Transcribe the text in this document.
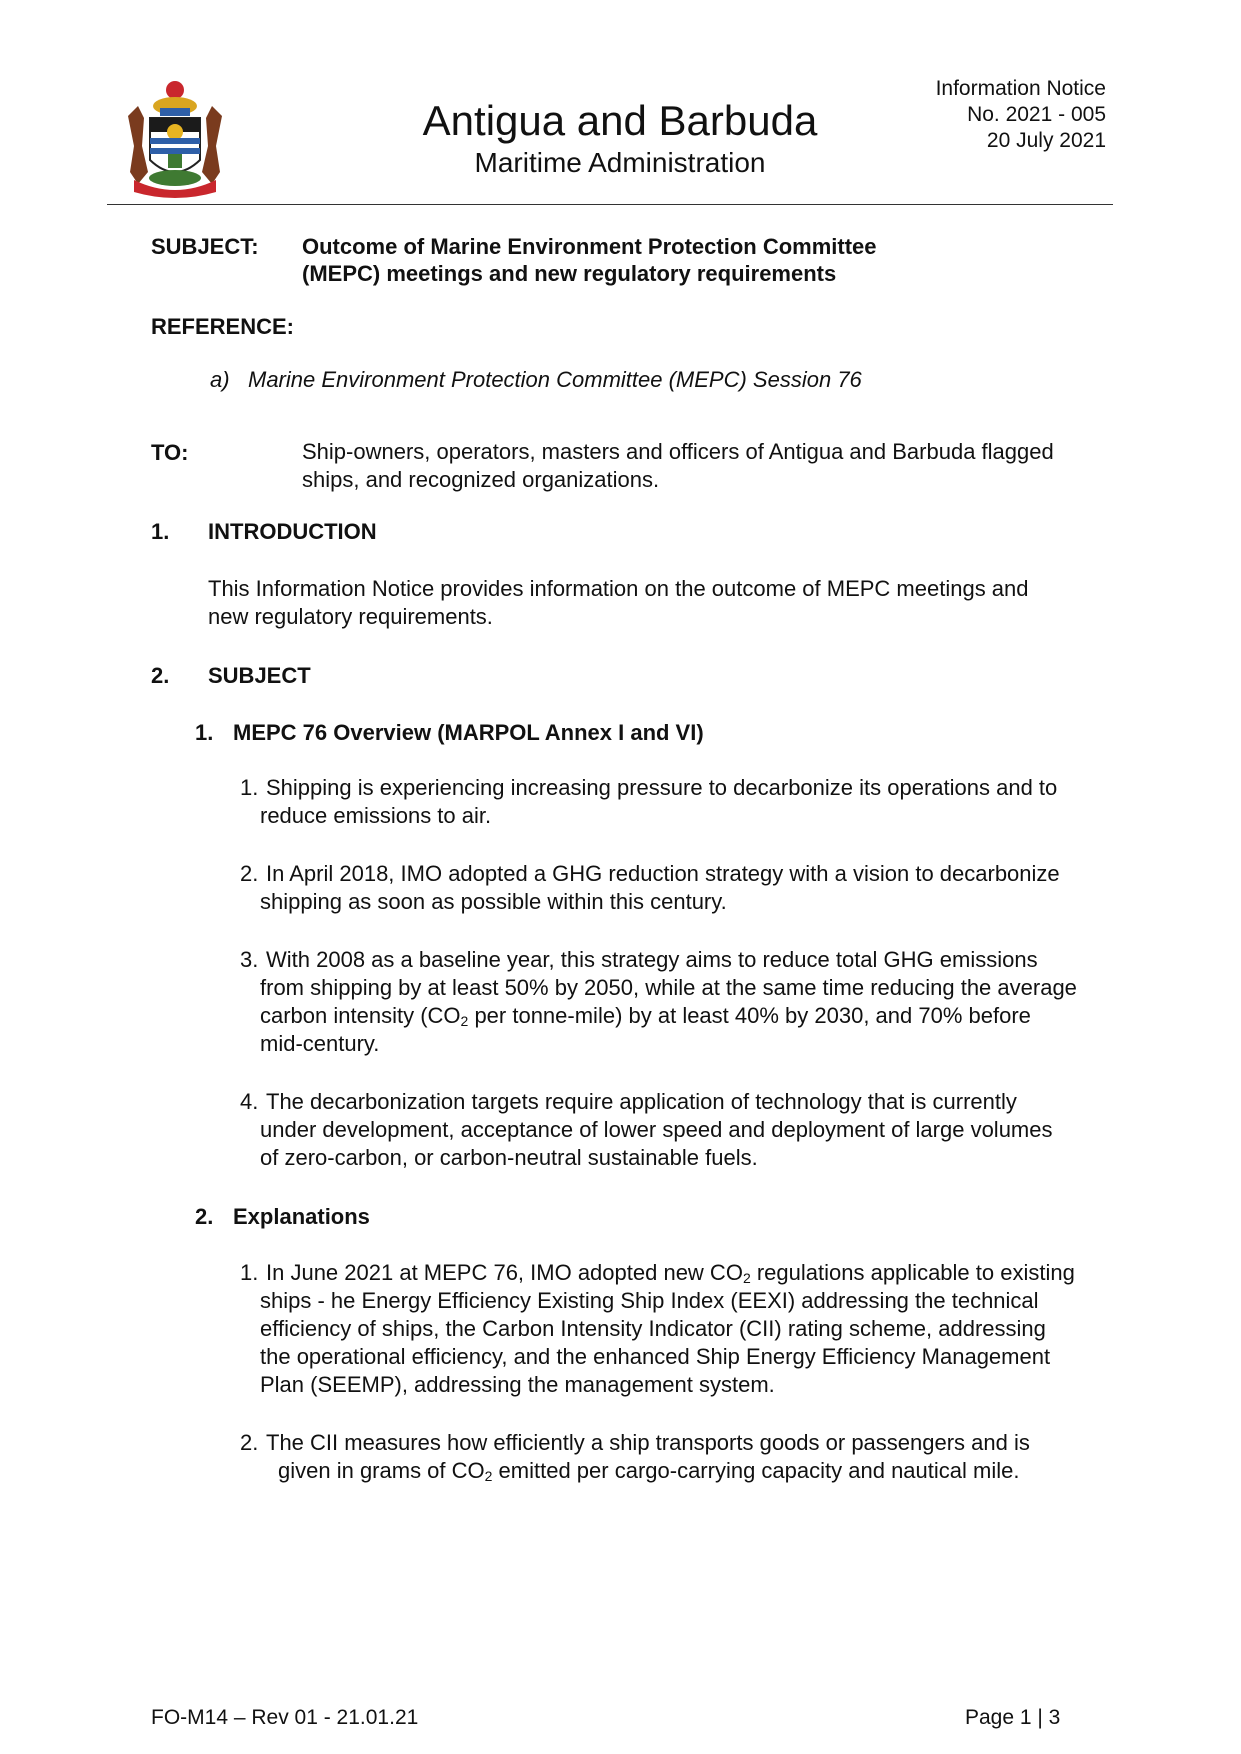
Antigua and Barbuda
Maritime Administration
Information Notice
No. 2021 - 005
20 July 2021
SUBJECT: Outcome of Marine Environment Protection Committee
(MEPC) meetings and new regulatory requirements
REFERENCE:
a) Marine Environment Protection Committee (MEPC) Session 76
TO:	Ship-owners, operators, masters and officers of Antigua and Barbuda flagged
ships, and recognized organizations.
1. INTRODUCTION
This Information Notice provides information on the outcome of MEPC meetings and
new regulatory requirements.
2. SUBJECT
1. MEPC 76 Overview (MARPOL Annex I and VI)
1. Shipping is experiencing increasing pressure to decarbonize its operations and to
reduce emissions to air.
2. In April 2018, IMO adopted a GHG reduction strategy with a vision to decarbonize
shipping as soon as possible within this century.
3. With 2008 as a baseline year, this strategy aims to reduce total GHG emissions
from shipping by at least 50% by 2050, while at the same time reducing the average
carbon intensity ($CO_2$ per tonne-mile) by at least 40% by 2030, and 70% before
mid-century.
4. The decarbonization targets require application of technology that is currently
under development, acceptance of lower speed and deployment of large volumes
of zero-carbon, or carbon-neutral sustainable fuels.
2. Explanations
1. In June 2021 at MEPC 76, IMO adopted new $CO_2$ regulations applicable to existing
ships - he Energy Efficiency Existing Ship Index (EEXI) addressing the technical
efficiency of ships, the Carbon Intensity Indicator (CII) rating scheme, addressing
the operational efficiency, and the enhanced Ship Energy Efficiency Management
Plan (SEEMP), addressing the management system.
2. The CII measures how efficiently a ship transports goods or passengers and is
given in grams of $CO_2$ emitted per cargo-carrying capacity and nautical mile.
FO-M14 – Rev 01 - 21.01.21	Page 1 | 3
